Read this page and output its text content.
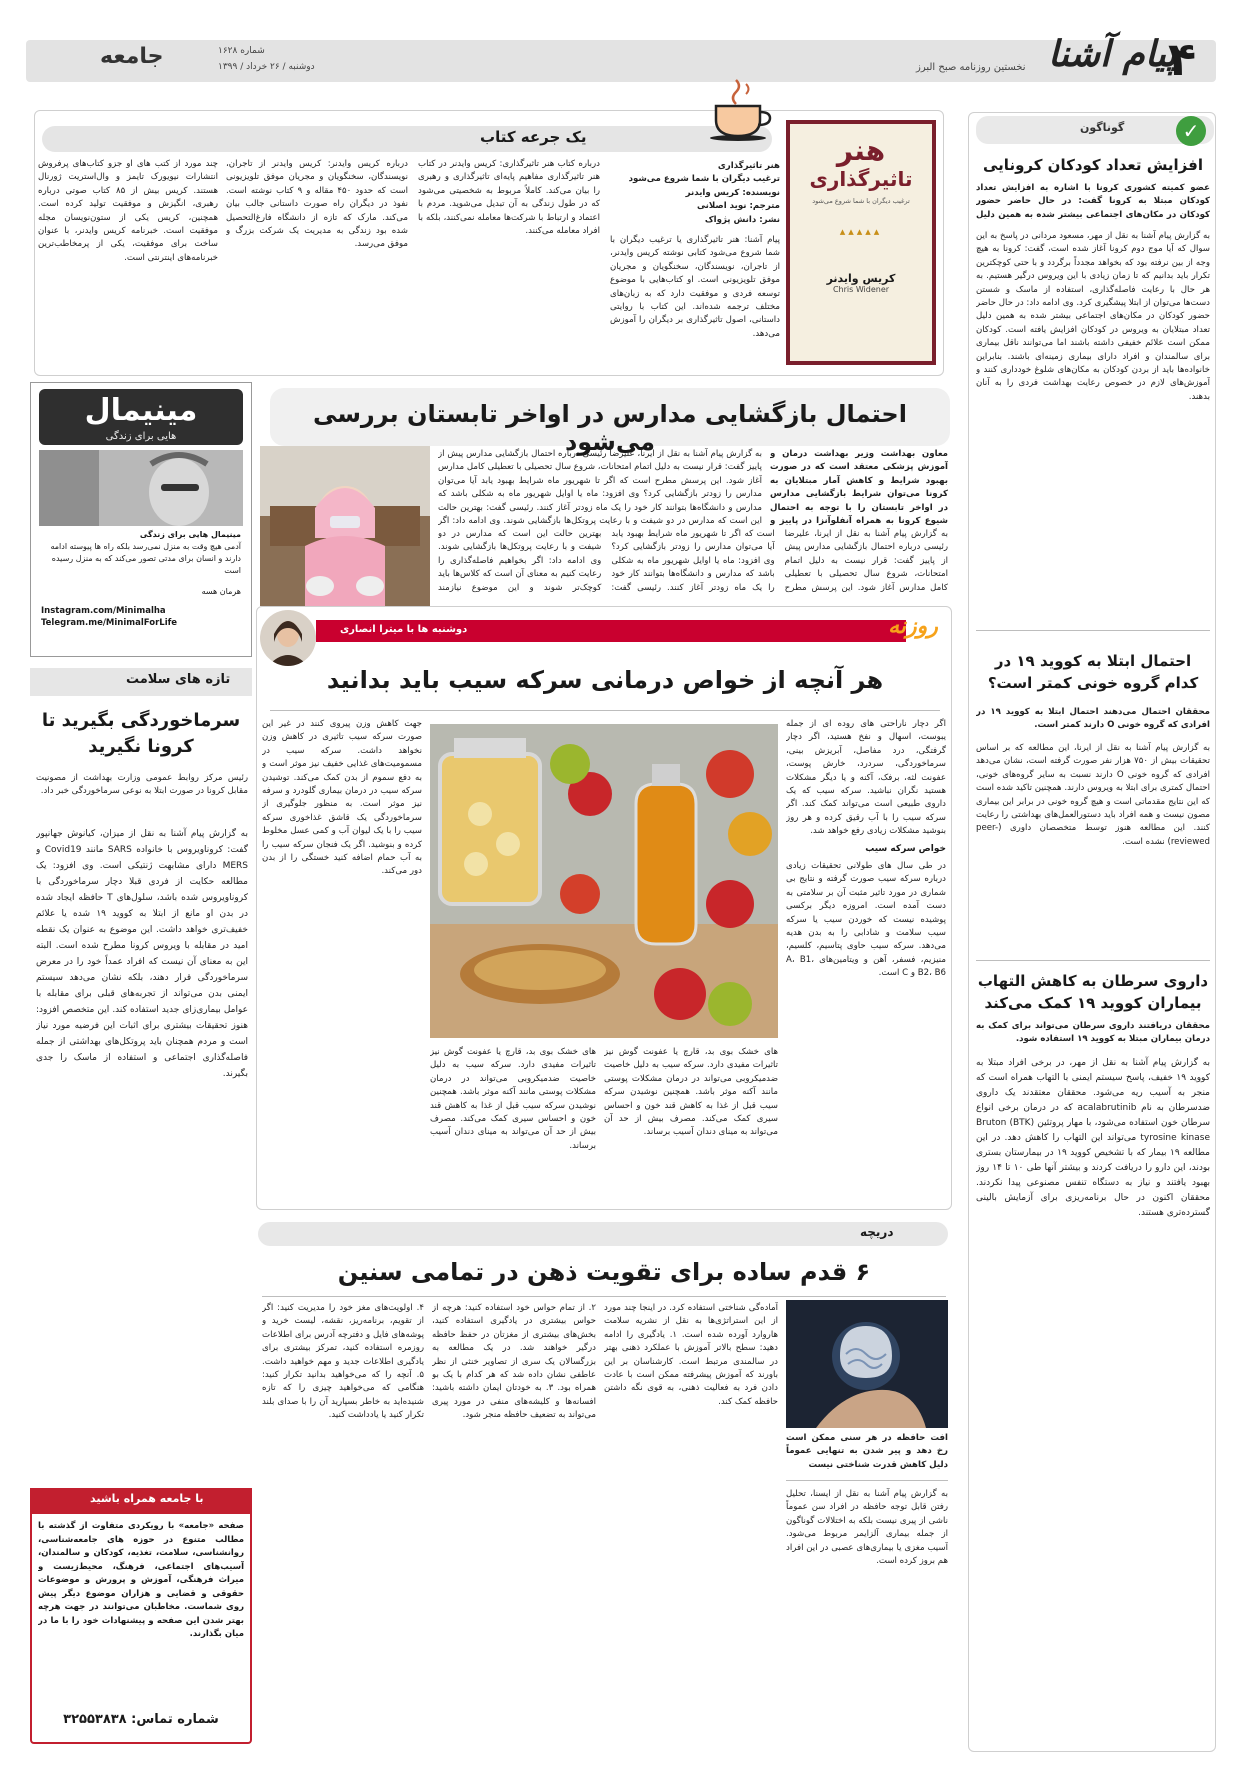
جامعه	شماره ۱۶۲۸
دوشنبه / ۲۶ خرداد / ۱۳۹۹	نخستین روزنامه صبح البرز پیام آشنا
۴
✓
گوناگون
افزایش تعداد کودکان کرونایی
عضو کمیته کشوری کرونا با اشاره به افزایش تعداد کودکان مبتلا به کرونا گفت: در حال حاضر حضور کودکان در مکان‌های اجتماعی بیشتر شده به همین دلیل
به گزارش پیام آشنا به نقل از مهر، مسعود مردانی در پاسخ به این سوال که آیا موج دوم کرونا آغاز شده است، گفت: کرونا به هیچ وجه از بین نرفته بود که بخواهد مجدداً برگردد و با حتی کوچکترین تکرار باید بدانیم که تا زمان زیادی با این ویروس درگیر هستیم. به هر حال با رعایت فاصله‌گذاری، استفاده از ماسک و شستن دست‌ها می‌توان از ابتلا پیشگیری کرد. وی ادامه داد: در حال حاضر حضور کودکان در مکان‌های اجتماعی بیشتر شده به همین دلیل تعداد مبتلایان به ویروس در کودکان افزایش یافته است. کودکان ممکن است علائم خفیفی داشته باشند اما می‌توانند ناقل بیماری برای سالمندان و افراد دارای بیماری زمینه‌ای باشند. بنابراین خانواده‌ها باید از بردن کودکان به مکان‌های شلوغ خودداری کنند و آموزش‌های لازم در خصوص رعایت بهداشت فردی را به آنان بدهند.
احتمال ابتلا به کووید ۱۹ در کدام گروه خونی کمتر است؟
محققان احتمال می‌دهند احتمال ابتلا به کووید ۱۹ در افرادی که گروه خونی O دارند کمتر است.
به گزارش پیام آشنا به نقل از ایرنا، این مطالعه که بر اساس تحقیقات بیش از ۷۵۰ هزار نفر صورت گرفته است، نشان می‌دهد افرادی که گروه خونی O دارند نسبت به سایر گروه‌های خونی، احتمال کمتری برای ابتلا به ویروس دارند. همچنین تاکید شده است که این نتایج مقدماتی است و هیچ گروه خونی در برابر این بیماری مصون نیست و همه افراد باید دستورالعمل‌های بهداشتی را رعایت کنند. این مطالعه هنوز توسط متخصصان داوری (peer-reviewed) نشده است.
داروی سرطان به کاهش التهاب بیماران کووید ۱۹ کمک می‌کند
محققان دریافتند داروی سرطان می‌تواند برای کمک به درمان بیماران مبتلا به کووید ۱۹ استفاده شود.
به گزارش پیام آشنا به نقل از مهر، در برخی افراد مبتلا به کووید ۱۹ خفیف، پاسخ سیستم ایمنی با التهاب همراه است که منجر به آسیب ریه می‌شود. محققان معتقدند یک داروی ضدسرطان به نام acalabrutinib که در درمان برخی انواع سرطان خون استفاده می‌شود، با مهار پروتئین (BTK) Bruton tyrosine kinase می‌تواند این التهاب را کاهش دهد. در این مطالعه ۱۹ بیمار که با تشخیص کووید ۱۹ در بیمارستان بستری بودند، این دارو را دریافت کردند و بیشتر آنها طی ۱۰ تا ۱۴ روز بهبود یافتند و نیاز به دستگاه تنفس مصنوعی پیدا نکردند. محققان اکنون در حال برنامه‌ریزی برای آزمایش بالینی گسترده‌تری هستند.
یک جرعه کتاب	هنر
تاثیرگذاری
ترغیب دیگران با شما شروع می‌شود
▴▴▴▴▴
کریس وایدنر
Chris Widener
هنر تاثیرگذاری
ترغیب دیگران با شما شروع می‌شود
نویسنده: کریس وایدنر
مترجم: نوید اصلانی
نشر: دانش پژواک
پیام آشنا: هنر تاثیرگذاری یا ترغیب دیگران با شما شروع می‌شود کتابی نوشته کریس وایدنر، از تاجران، نویسندگان، سخنگویان و مجریان موفق تلویزیونی است. او کتاب‌هایی با موضوع توسعه فردی و موفقیت دارد که به زبان‌های مختلف ترجمه شده‌اند. این کتاب با روایتی داستانی، اصول تاثیرگذاری بر دیگران را آموزش می‌دهد.
درباره کتاب هنر تاثیرگذاری: کریس وایدنر در کتاب هنر تاثیرگذاری مفاهیم پایه‌ای تاثیرگذاری و رهبری را بیان می‌کند. کاملاً مربوط به شخصیتی می‌شود که در طول زندگی به آن تبدیل می‌شوید. مردم با اعتماد و ارتباط با شرکت‌ها معامله نمی‌کنند، بلکه با افراد معامله می‌کنند.
درباره کریس وایدنر: کریس وایدنر از تاجران، نویسندگان، سخنگویان و مجریان موفق تلویزیونی است که حدود ۴۵۰ مقاله و ۹ کتاب نوشته است. نفوذ در دیگران راه صورت داستانی جالب بیان می‌کند. مارک که تازه از دانشگاه فارغ‌التحصیل شده بود زندگی به مدیریت یک شرکت بزرگ و موفق می‌رسد.
چند مورد از کتب های او جزو کتاب‌های پرفروش انتشارات نیویورک تایمز و وال‌استریت ژورنال هستند. کریس بیش از ۸۵ کتاب صوتی درباره رهبری، انگیزش و موفقیت تولید کرده است. همچنین، کریس یکی از ستون‌نویسان مجله موفقیت است. خبرنامه کریس وایدنر، با عنوان ساخت برای موفقیت، یکی از پرمخاطب‌ترین خبرنامه‌های اینترنتی است.
مینیمال
هایی برای زندگی
مینیمال هایی برای زندگی
آدمی هیچ وقت به منزل نمی‌رسد بلکه راه ها پیوسته ادامه دارند و انسان برای مدتی تصور می‌کند که به منزل رسیده است
هرمان هسه
Instagram.com/Minimalha
Telegram.me/MinimalForLife
تازه های سلامت
سرماخوردگی بگیرید تا کرونا نگیرید
رئیس مرکز روابط عمومی وزارت بهداشت از مصونیت مقابل کرونا در صورت ابتلا به نوعی سرماخوردگی خبر داد.
به گزارش پیام آشنا به نقل از میزان، کیانوش جهانپور گفت: کروناویروس با خانواده SARS مانند Covid19 و MERS دارای مشابهت ژنتیکی است. وی افزود: یک مطالعه حکایت از فردی قبلا دچار سرماخوردگی با کروناویروس شده باشد، سلول‌های T حافظه ایجاد شده در بدن او مانع از ابتلا به کووید ۱۹ شده یا علائم خفیف‌تری خواهد داشت. این موضوع به عنوان یک نقطه امید در مقابله با ویروس کرونا مطرح شده است. البته این به معنای آن نیست که افراد عمداً خود را در معرض سرماخوردگی قرار دهند، بلکه نشان می‌دهد سیستم ایمنی بدن می‌تواند از تجربه‌های قبلی برای مقابله با عوامل بیماری‌زای جدید استفاده کند. این متخصص افزود: هنوز تحقیقات بیشتری برای اثبات این فرضیه مورد نیاز است و مردم همچنان باید پروتکل‌های بهداشتی از جمله فاصله‌گذاری اجتماعی و استفاده از ماسک را جدی بگیرند.
با جامعه همراه باشید
صفحه «جامعه» با رویکردی متفاوت از گذشته با مطالب متنوع در حوزه های جامعه‌شناسی، روانشناسی، سلامت، تغذیه، کودکان و سالمندان، آسیب‌های اجتماعی، فرهنگ، محیط‌زیست و میراث فرهنگی، آموزش و پرورش و موضوعات حقوقی و قضایی و هزاران موضوع دیگر پیش روی شماست. مخاطبان می‌توانند در جهت هرچه بهتر شدن این صفحه و پیشنهادات خود را با ما در میان بگذارند.
شماره تماس: ۳۲۵۵۳۸۳۸
احتمال بازگشایی مدارس در اواخر تابستان بررسی می‌شود	معاون بهداشت وزیر بهداشت درمان و آموزش پزشکی معتقد است که در صورت بهبود شرایط و کاهش آمار مبتلایان به کرونا می‌توان شرایط بازگشایی مدارس در اواخر تابستان را با توجه به احتمال شیوع کرونا به همراه آنفلوآنزا در پاییز و
به گزارش پیام آشنا به نقل از ایرنا، علیرضا رئیسی درباره احتمال بازگشایی مدارس پیش از پاییز گفت: قرار نیست به دلیل اتمام امتحانات، شروع سال تحصیلی با تعطیلی کامل مدارس آغاز شود. این پرسش مطرح است که اگر تا شهریور ماه شرایط بهبود یابد آیا می‌توان مدارس را زودتر بازگشایی کرد؟ وی افزود: ماه یا اوایل شهریور ماه به شکلی باشد که مدارس و دانشگاه‌ها بتوانند کار خود را یک ماه زودتر آغاز کنند. رئیسی گفت: بهترین حالت این است که مدارس در دو شیفت و با رعایت پروتکل‌ها بازگشایی شوند. وی ادامه داد: اگر بخواهیم فاصله‌گذاری را رعایت کنیم به معنای آن است که کلاس‌ها باید کوچک‌تر شوند و این موضوع نیازمند
به گزارش پیام آشنا به نقل از ایرنا، علیرضا رئیسی درباره احتمال بازگشایی مدارس پیش از پاییز گفت: قرار نیست به دلیل اتمام امتحانات، شروع سال تحصیلی با تعطیلی کامل مدارس آغاز شود. این پرسش مطرح است که اگر تا شهریور ماه شرایط بهبود یابد آیا می‌توان مدارس را زودتر بازگشایی کرد؟ وی افزود: ماه یا اوایل شهریور ماه به شکلی باشد که مدارس و دانشگاه‌ها بتوانند کار خود را یک ماه زودتر آغاز کنند. رئیسی گفت: بهترین حالت این است که مدارس در دو شیفت و با رعایت پروتکل‌ها بازگشایی شوند. وی ادامه داد: اگر
دوشنبه ها با میترا انصاری	روزنه
هر آنچه از خواص درمانی سرکه سیب باید بدانید
اگر دچار ناراحتی های روده ای از جمله یبوست، اسهال و نفخ هستید، اگر دچار گرفتگی، درد مفاصل، آبریزش بینی، سرماخوردگی، سردرد، خارش پوست، عفونت لثه، برفک، آکنه و یا دیگر مشکلات هستید نگران نباشید. سرکه سیب که یک داروی طبیعی است می‌تواند کمک کند. اگر سرکه سیب را با آب رقیق کرده و هر روز بنوشید مشکلات زیادی رفع خواهد شد.
خواص سرکه سیب
در طی سال های طولانی تحقیقات زیادی درباره سرکه سیب صورت گرفته و نتایج بی شماری در مورد تاثیر مثبت آن بر سلامتی به دست آمده است. امروزه دیگر برکسی پوشیده نیست که خوردن سیب یا سرکه سیب سلامت و شادابی را به بدن هدیه می‌دهد. سرکه سیب حاوی پتاسیم، کلسیم، منیزیم، فسفر، آهن و ویتامین‌های A، B1، B2، B6 و C است.
های خشک بوی بد، قارچ یا عفونت گوش نیز تاثیرات مفیدی دارد. سرکه سیب به دلیل خاصیت ضدمیکروبی می‌تواند در درمان مشکلات پوستی مانند آکنه موثر باشد. همچنین نوشیدن سرکه سیب قبل از غذا به کاهش قند خون و احساس سیری کمک می‌کند. مصرف بیش از حد آن می‌تواند به مینای دندان آسیب برساند.
های خشک بوی بد، قارچ یا عفونت گوش نیز تاثیرات مفیدی دارد. سرکه سیب به دلیل خاصیت ضدمیکروبی می‌تواند در درمان مشکلات پوستی مانند آکنه موثر باشد. همچنین نوشیدن سرکه سیب قبل از غذا به کاهش قند خون و احساس سیری کمک می‌کند. مصرف بیش از حد آن می‌تواند به مینای دندان آسیب برساند.
جهت کاهش وزن پیروی کنند در غیر این صورت سرکه سیب تاثیری در کاهش وزن نخواهد داشت. سرکه سیب در مسمومیت‌های غذایی خفیف نیز موثر است و به دفع سموم از بدن کمک می‌کند. توشیدن سرکه سیب در درمان بیماری گلودرد و سرفه نیز موثر است. به منظور جلوگیری از سرماخوردگی یک قاشق غذاخوری سرکه سیب را با یک لیوان آب و کمی عسل مخلوط کرده و بنوشید. اگر یک فنجان سرکه سیب را به آب حمام اضافه کنید خستگی را از بدن دور می‌کند.
دریچه
۶ قدم ساده برای تقویت ذهن در تمامی سنین
افت حافظه در هر سنی ممکن است رخ دهد و پیر شدن به تنهایی عموماً دلیل کاهش قدرت شناختی نیست
به گزارش پیام آشنا به نقل از ایسنا، تحلیل رفتن قابل توجه حافظه در افراد سن عموماً ناشی از پیری نیست بلکه به اختلالات گوناگون از جمله بیماری آلزایمر مربوط می‌شود. آسیب مغزی یا بیماری‌های عصبی در این افراد هم بروز کرده است.
آماده‌گی شناختی استفاده کرد. در اینجا چند مورد از این استراتژی‌ها به نقل از نشریه سلامت هاروارد آورده شده است. ۱. یادگیری را ادامه دهید: سطح بالاتر آموزش با عملکرد ذهنی بهتر در سالمندی مرتبط است. کارشناسان بر این باورند که آموزش پیشرفته ممکن است با عادت دادن فرد به فعالیت ذهنی، به قوی نگه داشتن حافظه کمک کند.
۲. از تمام حواس خود استفاده کنید: هرچه از حواس بیشتری در یادگیری استفاده کنید، بخش‌های بیشتری از مغزتان در حفظ حافظه درگیر خواهند شد. در یک مطالعه به بزرگسالان یک سری از تصاویر خنثی از نظر عاطفی نشان داده شد که هر کدام با یک بو همراه بود. ۳. به خودتان ایمان داشته باشید: افسانه‌ها و کلیشه‌های منفی در مورد پیری می‌تواند به تضعیف حافظه منجر شود.
۴. اولویت‌های مغز خود را مدیریت کنید: اگر از تقویم، برنامه‌ریز، نقشه، لیست خرید و پوشه‌های فایل و دفترچه آدرس برای اطلاعات روزمره استفاده کنید، تمرکز بیشتری برای یادگیری اطلاعات جدید و مهم خواهید داشت. ۵. آنچه را که می‌خواهید بدانید تکرار کنید: هنگامی که می‌خواهید چیزی را که تازه شنیده‌اید به خاطر بسپارید آن را با صدای بلند تکرار کنید یا یادداشت کنید.
